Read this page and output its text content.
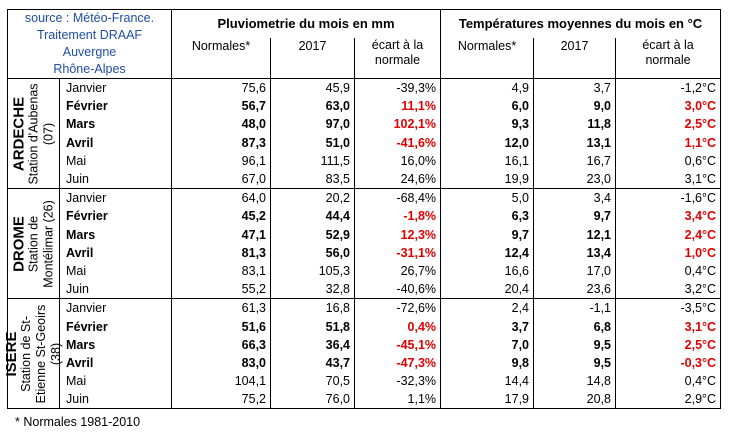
source : Météo-France.
Traitement DRAAF Auvergne
Rhône-Alpes		Pluviometrie du mois en mm			Températures moyennes du mois en °C		
		Normales*	2017	écart à la normale	Normales*	2017	écart à la normale

ARDECHE Station d'Aubenas (07)	Janvier	75,6	45,9	-39,3%	4,9	3,7	-1,2°C
	Février	56,7	63,0	11,1%	6,0	9,0	3,0°C
	Mars	48,0	97,0	102,1%	9,3	11,8	2,5°C
	Avril	87,3	51,0	-41,6%	12,0	13,1	1,1°C
	Mai	96,1	111,5	16,0%	16,1	16,7	0,6°C
	Juin	67,0	83,5	24,6%	19,9	23,0	3,1°C

DROME Station de Montélimar (26)	Janvier	64,0	20,2	-68,4%	5,0	3,4	-1,6°C
	Février	45,2	44,4	-1,8%	6,3	9,7	3,4°C
	Mars	47,1	52,9	12,3%	9,7	12,1	2,4°C
	Avril	81,3	56,0	-31,1%	12,4	13,4	1,0°C
	Mai	83,1	105,3	26,7%	16,6	17,0	0,4°C
	Juin	55,2	32,8	-40,6%	20,4	23,6	3,2°C

ISERE Station de St- Etienne St-Geoirs (38)	Janvier	61,3	16,8	-72,6%	2,4	-1,1	-3,5°C
	Février	51,6	51,8	0,4%	3,7	6,8	3,1°C
	Mars	66,3	36,4	-45,1%	7,0	9,5	2,5°C
	Avril	83,0	43,7	-47,3%	9,8	9,5	-0,3°C
	Mai	104,1	70,5	-32,3%	14,4	14,8	0,4°C
	Juin	75,2	76,0	1,1%	17,9	20,8	2,9°C
* Normales 1981-2010
